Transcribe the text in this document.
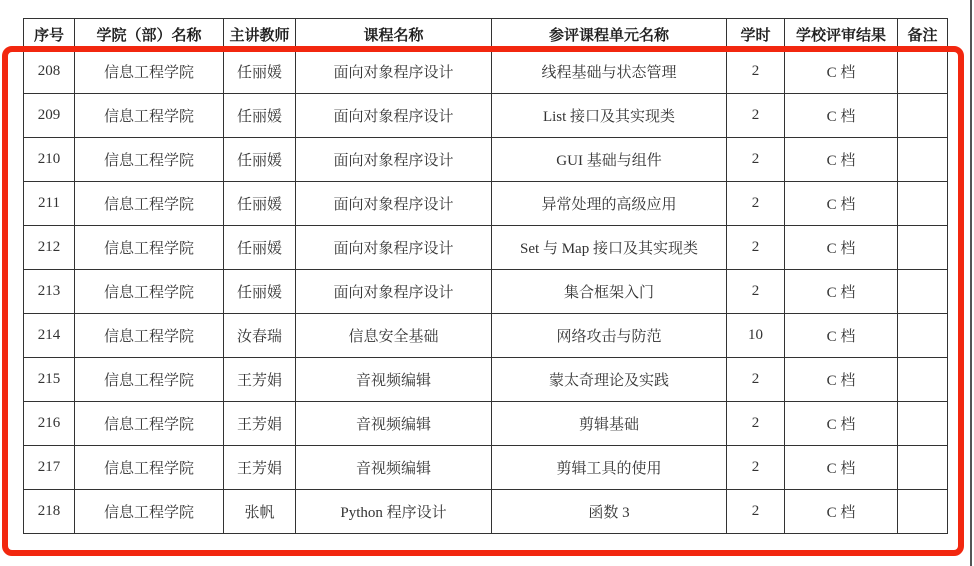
序号	学院（部）名称	主讲教师	课程名称	参评课程单元名称	学时	学校评审结果	备注
208	信息工程学院	任丽媛	面向对象程序设计	线程基础与状态管理	2	C 档	
209	信息工程学院	任丽媛	面向对象程序设计	List 接口及其实现类	2	C 档	
210	信息工程学院	任丽媛	面向对象程序设计	GUI 基础与组件	2	C 档	
211	信息工程学院	任丽媛	面向对象程序设计	异常处理的高级应用	2	C 档	
212	信息工程学院	任丽媛	面向对象程序设计	Set 与 Map 接口及其实现类	2	C 档	
213	信息工程学院	任丽媛	面向对象程序设计	集合框架入门	2	C 档	
214	信息工程学院	汝春瑞	信息安全基础	网络攻击与防范	10	C 档	
215	信息工程学院	王芳娟	音视频编辑	蒙太奇理论及实践	2	C 档	
216	信息工程学院	王芳娟	音视频编辑	剪辑基础	2	C 档	
217	信息工程学院	王芳娟	音视频编辑	剪辑工具的使用	2	C 档	
218	信息工程学院	张帆	Python 程序设计	函数 3	2	C 档	
